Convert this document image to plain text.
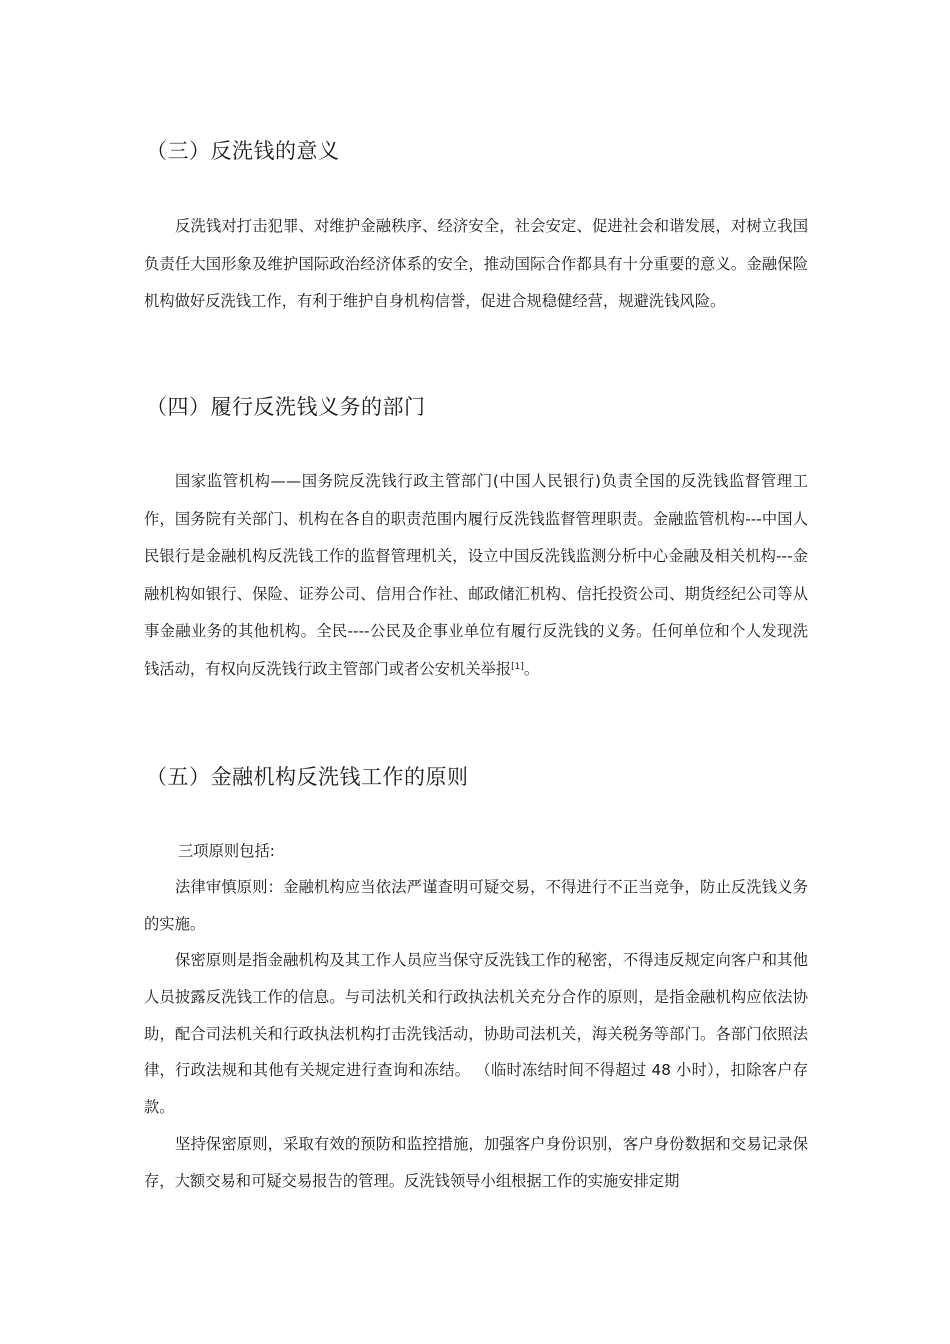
（三）反洗钱的意义

反洗钱对打击犯罪、对维护金融秩序、经济安全，社会安定、促进社会和谐发展，对树立我国负责任大国形象及维护国际政治经济体系的安全，推动国际合作都具有十分重要的意义。金融保险机构做好反洗钱工作，有利于维护自身机构信誉，促进合规稳健经营，规避洗钱风险。

（四）履行反洗钱义务的部门

国家监管机构——国务院反洗钱行政主管部门(中国人民银行)负责全国的反洗钱监督管理工作，国务院有关部门、机构在各自的职责范围内履行反洗钱监督管理职责。金融监管机构---中国人民银行是金融机构反洗钱工作的监督管理机关，设立中国反洗钱监测分析中心金融及相关机构---金融机构如银行、保险、证券公司、信用合作社、邮政储汇机构、信托投资公司、期货经纪公司等从事金融业务的其他机构。全民----公民及企事业单位有履行反洗钱的义务。任何单位和个人发现洗钱活动，有权向反洗钱行政主管部门或者公安机关举报[1]。

（五）金融机构反洗钱工作的原则
三项原则包括:

法律审慎原则：金融机构应当依法严谨查明可疑交易，不得进行不正当竞争，防止反洗钱义务的实施。

保密原则是指金融机构及其工作人员应当保守反洗钱工作的秘密，不得违反规定向客户和其他人员披露反洗钱工作的信息。与司法机关和行政执法机关充分合作的原则，是指金融机构应依法协助，配合司法机关和行政执法机构打击洗钱活动，协助司法机关，海关税务等部门。各部门依照法律，行政法规和其他有关规定进行查询和冻结。 （临时冻结时间不得超过 48 小时），扣除客户存款。

坚持保密原则，采取有效的预防和监控措施，加强客户身份识别，客户身份数据和交易记录保存，大额交易和可疑交易报告的管理。反洗钱领导小组根据工作的实施安排定期
